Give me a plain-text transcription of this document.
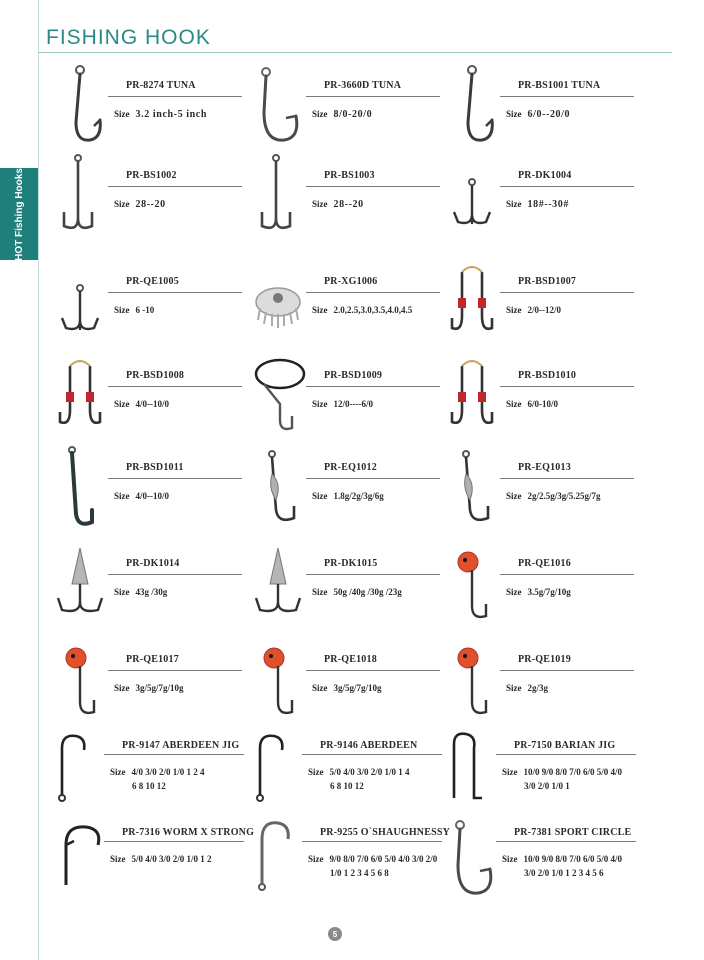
FISHING HOOK
HOT Fishing Hooks
PR-8274 TUNA
Size 3.2 inch-5 inch
PR-3660D TUNA
Size 8/0-20/0
PR-BS1001 TUNA
Size 6/0--20/0
PR-BS1002
Size 28--20
PR-BS1003
Size 28--20
PR-DK1004
Size 18#--30#
PR-QE1005
Size 6 -10
PR-XG1006
Size 2.0,2.5,3.0,3.5,4.0,4.5
PR-BSD1007
Size 2/0--12/0
PR-BSD1008
Size 4/0--10/0
PR-BSD1009
Size 12/0----6/0
PR-BSD1010
Size 6/0-10/0
PR-BSD1011
Size 4/0--10/0
PR-EQ1012
Size 1.8g/2g/3g/6g
PR-EQ1013
Size 2g/2.5g/3g/5.25g/7g
PR-DK1014
Size 43g /30g
PR-DK1015
Size 50g /40g /30g /23g
PR-QE1016
Size 3.5g/7g/10g
PR-QE1017
Size 3g/5g/7g/10g
PR-QE1018
Size 3g/5g/7g/10g
PR-QE1019
Size 2g/3g
PR-9147 ABERDEEN JIG
Size 4/0 3/0 2/0 1/0 1 2 4
6 8 10 12
PR-9146 ABERDEEN
Size 5/0 4/0 3/0 2/0 1/0 1 4
6 8 10 12
PR-7150 BARIAN JIG
Size 10/0 9/0 8/0 7/0 6/0 5/0 4/0
3/0 2/0 1/0 1
PR-7316 WORM X STRONG
Size 5/0 4/0 3/0 2/0 1/0 1 2
PR-9255 O`SHAUGHNESSY
Size 9/0 8/0 7/0 6/0 5/0 4/0 3/0 2/0
1/0 1 2 3 4 5 6 8
PR-7381 SPORT CIRCLE
Size 10/0 9/0 8/0 7/0 6/0 5/0 4/0
3/0 2/0 1/0 1 2 3 4 5 6
5
